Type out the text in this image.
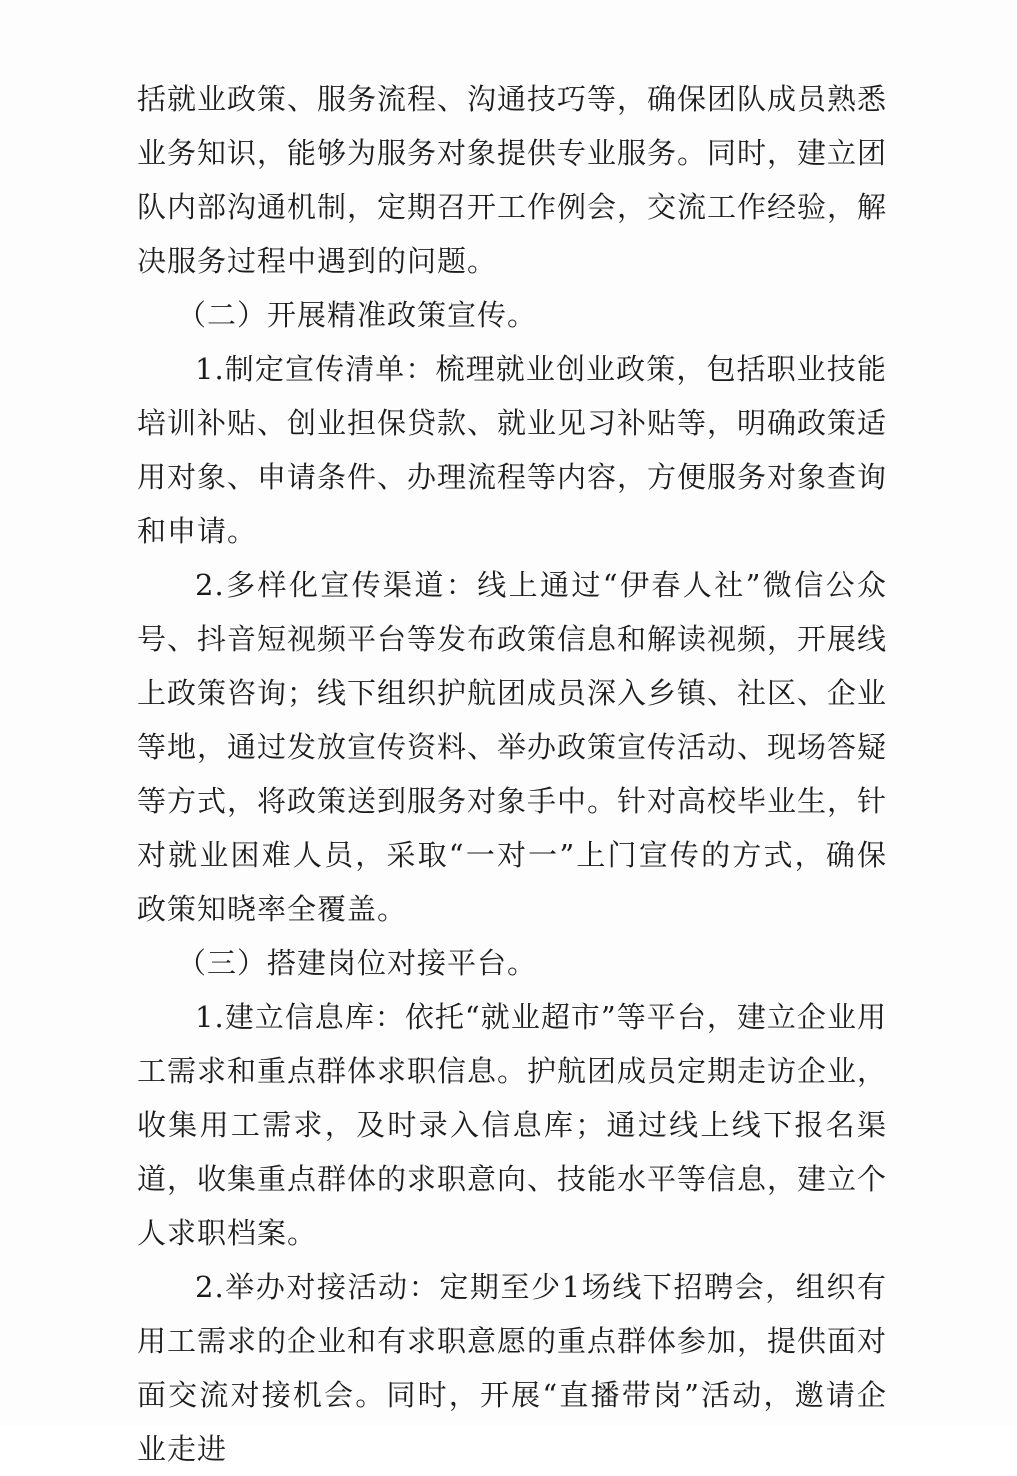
括就业政策、服务流程、沟通技巧等，确保团队成员熟悉业务知识，能够为服务对象提供专业服务。同时，建立团队内部沟通机制，定期召开工作例会，交流工作经验，解决服务过程中遇到的问题。

（二）开展精准政策宣传。

1.制定宣传清单：梳理就业创业政策，包括职业技能培训补贴、创业担保贷款、就业见习补贴等，明确政策适用对象、申请条件、办理流程等内容，方便服务对象查询和申请。

2.多样化宣传渠道：线上通过“伊春人社”微信公众号、抖音短视频平台等发布政策信息和解读视频，开展线上政策咨询；线下组织护航团成员深入乡镇、社区、企业等地，通过发放宣传资料、举办政策宣传活动、现场答疑等方式，将政策送到服务对象手中。针对高校毕业生，针对就业困难人员，采取“一对一”上门宣传的方式，确保政策知晓率全覆盖。

（三）搭建岗位对接平台。

1.建立信息库：依托“就业超市”等平台，建立企业用工需求和重点群体求职信息。护航团成员定期走访企业，收集用工需求，及时录入信息库；通过线上线下报名渠道，收集重点群体的求职意向、技能水平等信息，建立个人求职档案。

2.举办对接活动：定期至少1场线下招聘会，组织有用工需求的企业和有求职意愿的重点群体参加，提供面对面交流对接机会。同时，开展“直播带岗”活动，邀请企业走进
